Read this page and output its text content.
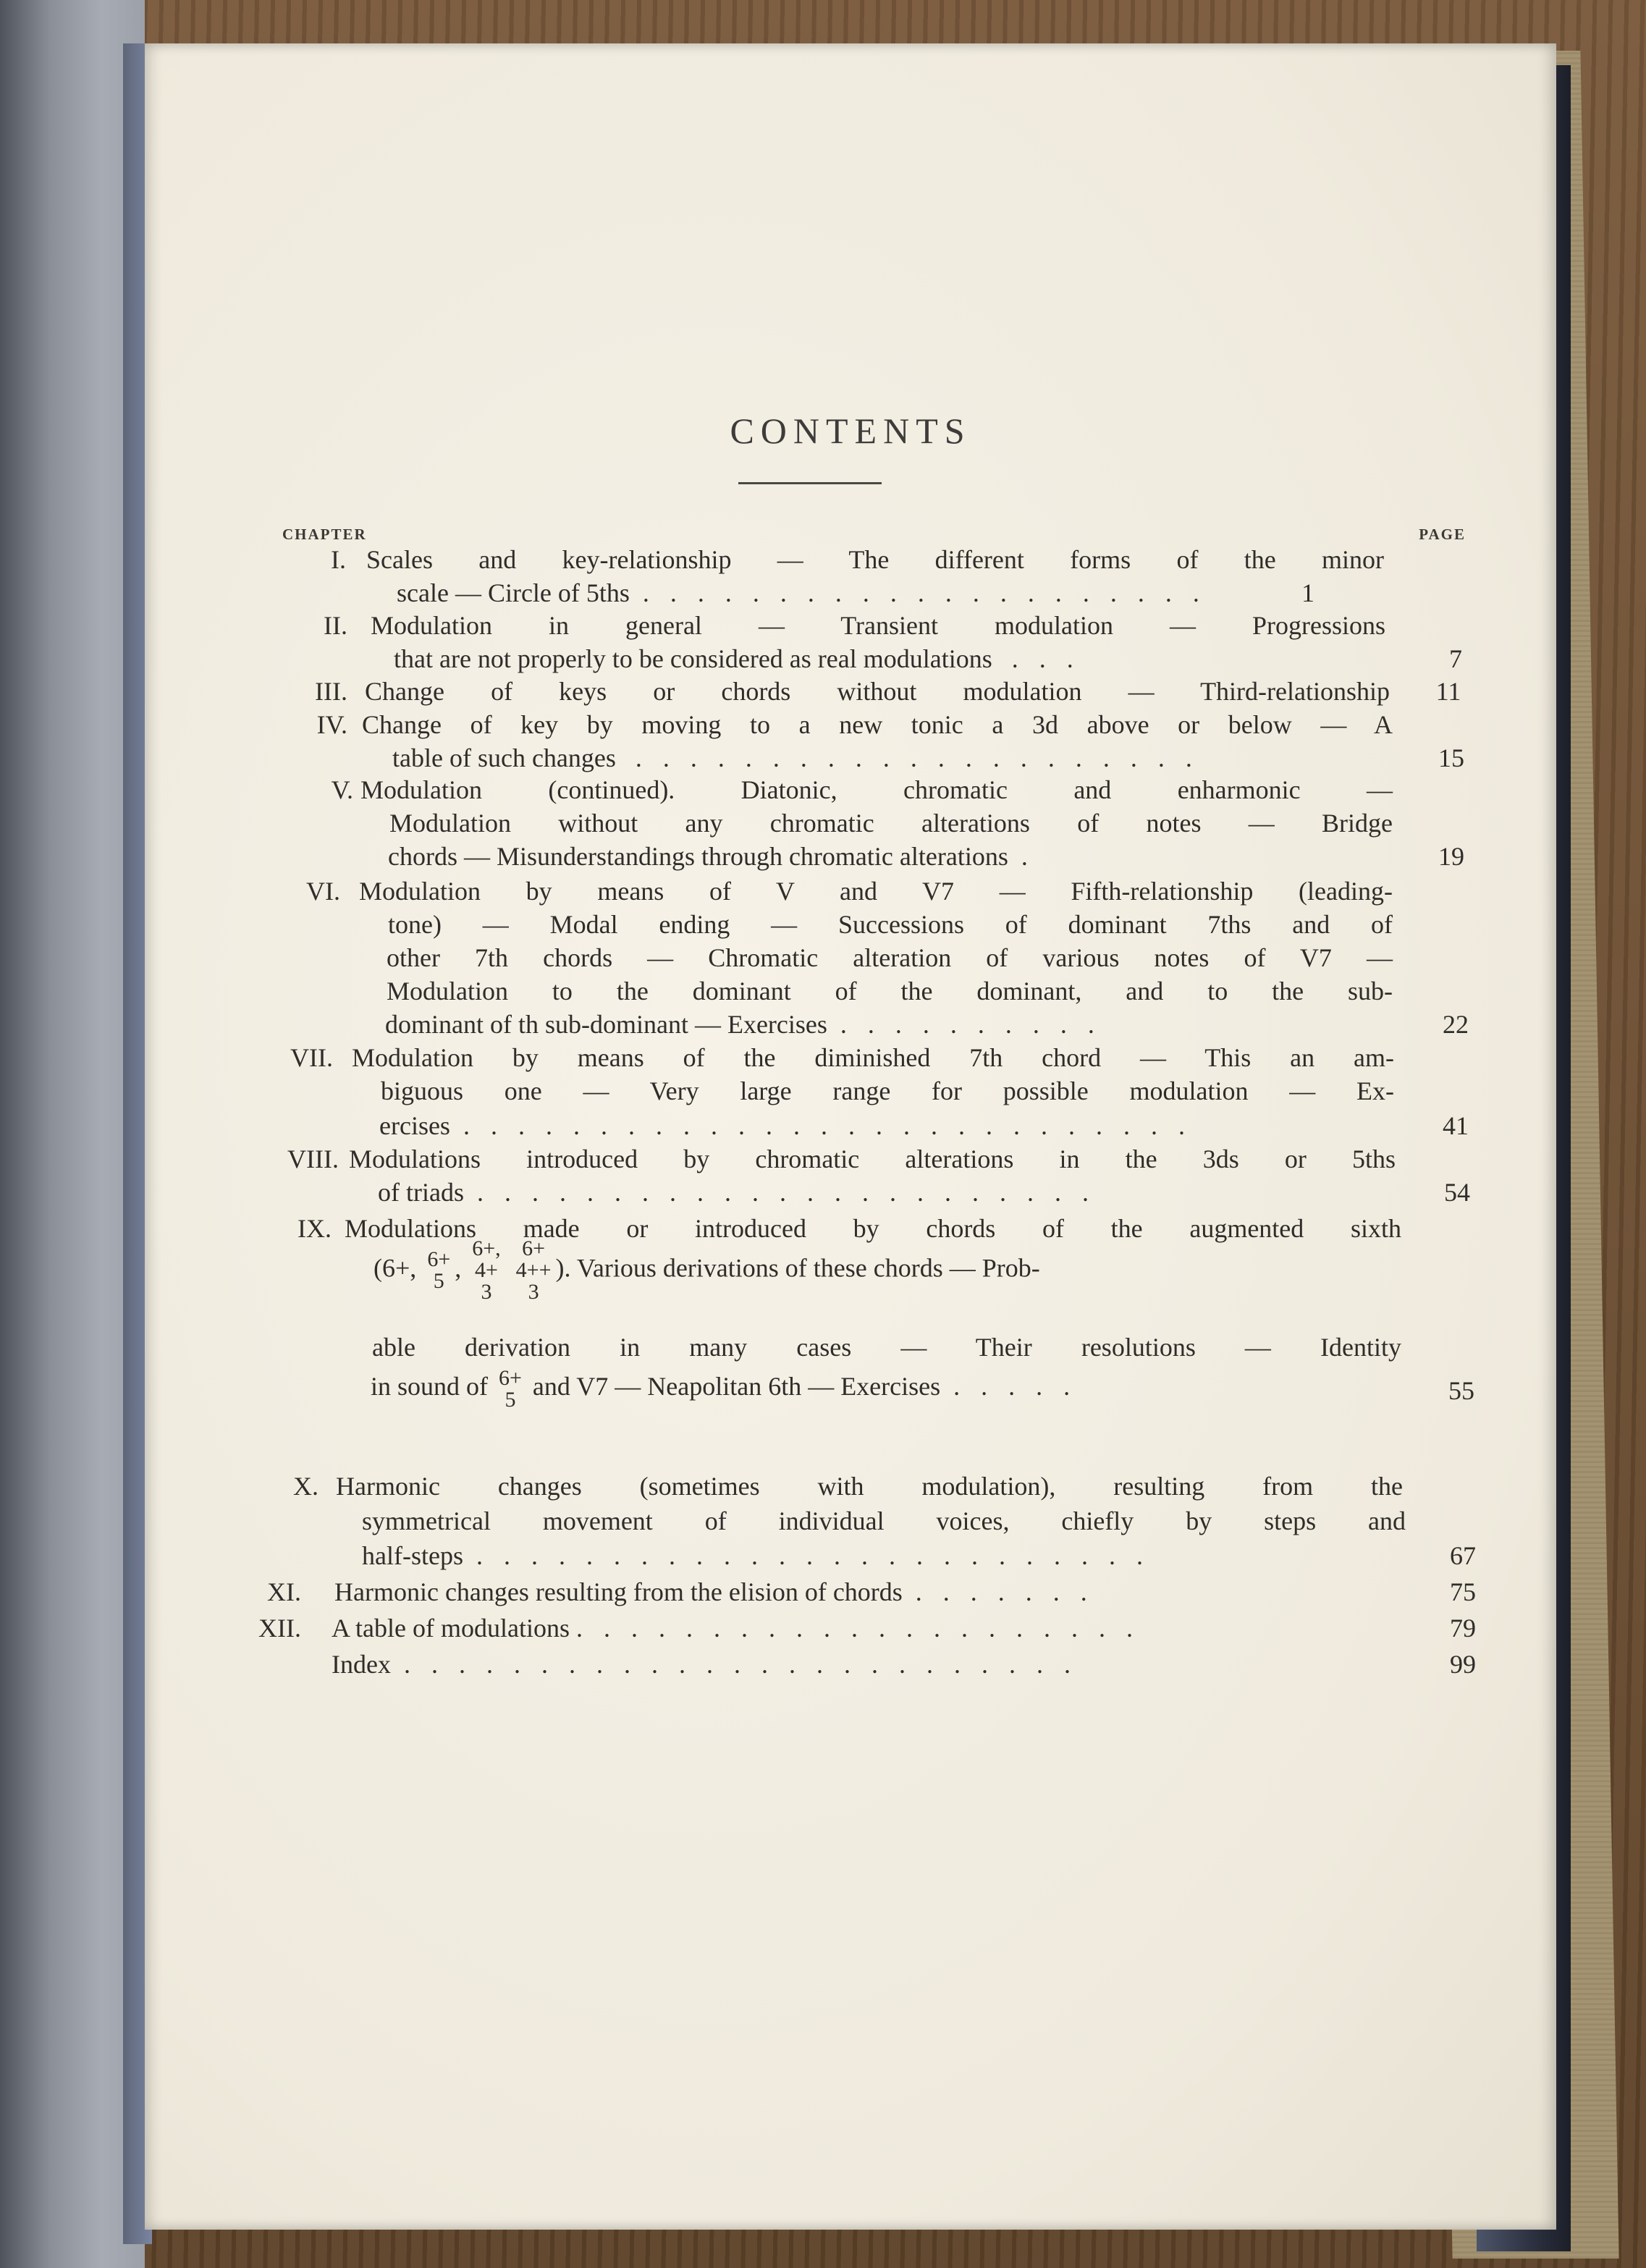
CONTENTS
CHAPTER	PAGE
I. Scales and key-relationship — The different forms of the minor
scale — Circle of 5ths . . . . . . . . . . . . . . . . . . . . .	1
II. Modulation in general — Transient modulation — Progressions
that are not properly to be considered as real modulations . . .	7
III. Change of keys or chords without modulation — Third-relationship	11
IV. Change of key by moving to a new tonic a 3d above or below — A
table of such changes . . . . . . . . . . . . . . . . . . . . .	15
V. Modulation (continued). Diatonic, chromatic and enharmonic —
Modulation without any chromatic alterations of notes — Bridge
chords — Misunderstandings through chromatic alterations .	19
VI. Modulation by means of V and V7 — Fifth-relationship (leading-
tone) — Modal ending — Successions of dominant 7ths and of
other 7th chords — Chromatic alteration of various notes of V7 —
Modulation to the dominant of the dominant, and to the sub-
dominant of th sub-dominant — Exercises . . . . . . . . . .	22
VII. Modulation by means of the diminished 7th chord — This an am-
biguous one — Very large range for possible modulation — Ex-
ercises . . . . . . . . . . . . . . . . . . . . . . . . . . .	41
VIII. Modulations introduced by chromatic alterations in the 3ds or 5ths
of triads . . . . . . . . . . . . . . . . . . . . . . .	54
IX. Modulations made or introduced by chords of the augmented sixth
(6+, 6+
5 ,
6+,
4+
3

6+
4++
3
). Various derivations of these chords — Prob-
able derivation in many cases — Their resolutions — Identity
in sound of 6+
5 and V7 — Neapolitan 6th — Exercises . . . . .	55
X. Harmonic changes (sometimes with modulation), resulting from the
symmetrical movement of individual voices, chiefly by steps and
half-steps . . . . . . . . . . . . . . . . . . . . . . . . .	67
XI. Harmonic changes resulting from the elision of chords . . . . . . .	75
XII. A table of modulations . . . . . . . . . . . . . . . . . . . . .	79
Index . . . . . . . . . . . . . . . . . . . . . . . . .	99
